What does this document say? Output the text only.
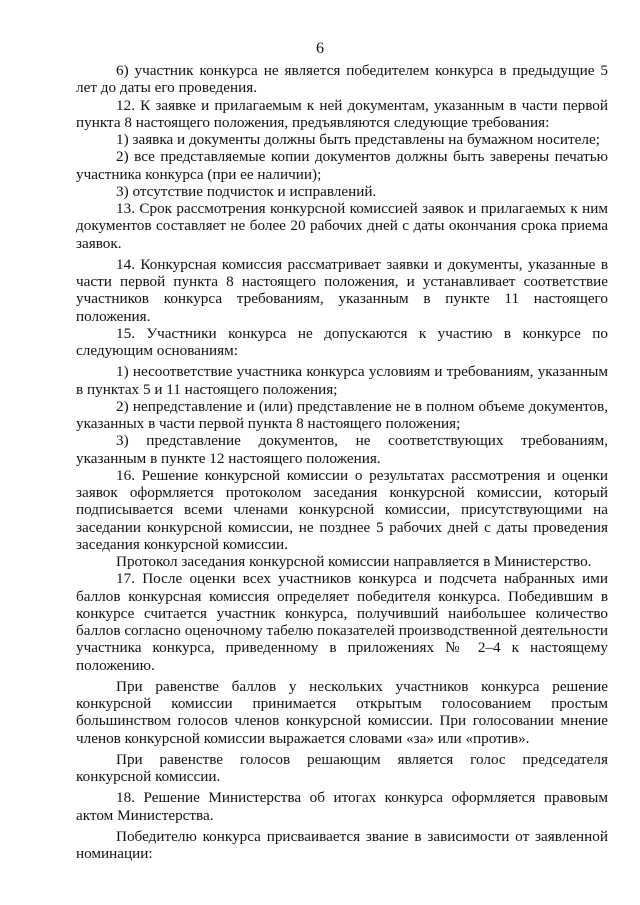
6

6) участник конкурса не является победителем конкурса в предыдущие 5 лет до даты его проведения.

12. К заявке и прилагаемым к ней документам, указанным в части первой пункта 8 настоящего положения, предъявляются следующие требования:

1) заявка и документы должны быть представлены на бумажном носителе;

2) все представляемые копии документов должны быть заверены печатью участника конкурса (при ее наличии);

3) отсутствие подчисток и исправлений.

13. Срок рассмотрения конкурсной комиссией заявок и прилагаемых к ним документов составляет не более 20 рабочих дней с даты окончания срока приема заявок.

14. Конкурсная комиссия рассматривает заявки и документы, указанные в части первой пункта 8 настоящего положения, и устанавливает соответствие участников конкурса требованиям, указанным в пункте 11 настоящего положения.

15. Участники конкурса не допускаются к участию в конкурсе по следующим основаниям:

1) несоответствие участника конкурса условиям и требованиям, указанным в пунктах 5 и 11 настоящего положения;

2) непредставление и (или) представление не в полном объеме документов, указанных в части первой пункта 8 настоящего положения;

3) представление документов, не соответствующих требованиям, указанным в пункте 12 настоящего положения.

16. Решение конкурсной комиссии о результатах рассмотрения и оценки заявок оформляется протоколом заседания конкурсной комиссии, который подписывается всеми членами конкурсной комиссии, присутствующими на заседании конкурсной комиссии, не позднее 5 рабочих дней с даты проведения заседания конкурсной комиссии.

Протокол заседания конкурсной комиссии направляется в Министерство.

17. После оценки всех участников конкурса и подсчета набранных ими баллов конкурсная комиссия определяет победителя конкурса. Победившим в конкурсе считается участник конкурса, получивший наибольшее количество баллов согласно оценочному табелю показателей производственной деятельности участника конкурса, приведенному в приложениях № 2–4 к настоящему положению.

При равенстве баллов у нескольких участников конкурса решение конкурсной комиссии принимается открытым голосованием простым большинством голосов членов конкурсной комиссии. При голосовании мнение членов конкурсной комиссии выражается словами «за» или «против».

При равенстве голосов решающим является голос председателя конкурсной комиссии.

18. Решение Министерства об итогах конкурса оформляется правовым актом Министерства.

Победителю конкурса присваивается звание в зависимости от заявленной номинации:
